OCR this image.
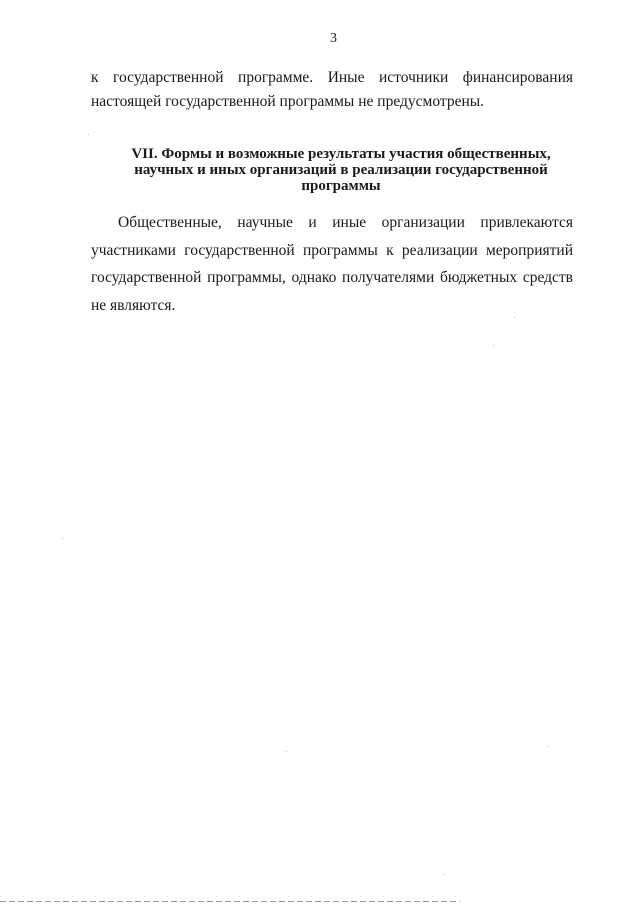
3
к государственной программе. Иные источники финансирования
настоящей государственной программы не предусмотрены.
VII. Формы и возможные результаты участия общественных,
научных и иных организаций в реализации государственной
программы
Общественные, научные и иные организации привлекаются
участниками государственной программы к реализации мероприятий
государственной программы, однако получателями бюджетных средств
не являются.
